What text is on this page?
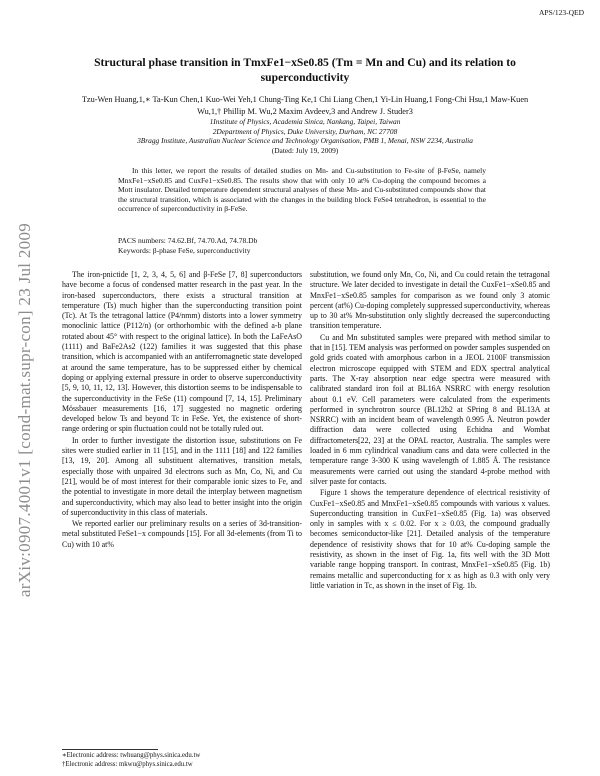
APS/123-QED
arXiv:0907.4001v1 [cond-mat.supr-con] 23 Jul 2009
Structural phase transition in TmxFe1−xSe0.85 (Tm = Mn and Cu) and its relation to superconductivity
Tzu-Wen Huang,1,∗ Ta-Kun Chen,1 Kuo-Wei Yeh,1 Chung-Ting Ke,1 Chi Liang Chen,1 Yi-Lin Huang,1 Fong-Chi Hsu,1 Maw-Kuen Wu,1,† Phillip M. Wu,2 Maxim Avdeev,3 and Andrew J. Studer3
1Institute of Physics, Academia Sinica, Nankang, Taipei, Taiwan
2Department of Physics, Duke University, Durham, NC 27708
3Bragg Institute, Australian Nuclear Science and Technology Organisation, PMB 1, Menai, NSW 2234, Australia
(Dated: July 19, 2009)

In this letter, we report the results of detailed studies on Mn- and Cu-substitution to Fe-site of β-FeSe, namely MnxFe1−xSe0.85 and CuxFe1−xSe0.85. The results show that with only 10 at% Cu-doping the compound becomes a Mott insulator. Detailed temperature dependent structural analyses of these Mn- and Cu-substituted compounds show that the structural transition, which is associated with the changes in the building block FeSe4 tetrahedron, is essential to the occurrence of superconductivity in β-FeSe.

PACS numbers: 74.62.Bf, 74.70.Ad, 74.78.Db
Keywords: β-phase FeSe, superconductivity

The iron-pnictide [1, 2, 3, 4, 5, 6] and β-FeSe [7, 8] superconductors have become a focus of condensed matter research in the past year. In the iron-based superconductors, there exists a structural transition at temperature (Ts) much higher than the superconducting transition point (Tc). At Ts the tetragonal lattice (P4/nmm) distorts into a lower symmetry monoclinic lattice (P112/n) (or orthorhombic with the defined a-b plane rotated about 45° with respect to the original lattice). In both the LaFeAsO (1111) and BaFe2As2 (122) families it was suggested that this phase transition, which is accompanied with an antiferromagnetic state developed at around the same temperature, has to be suppressed either by chemical doping or applying external pressure in order to observe superconductivity [5, 9, 10, 11, 12, 13]. However, this distortion seems to be indispensable to the superconductivity in the FeSe (11) compound [7, 14, 15]. Preliminary Mössbauer measurements [16, 17] suggested no magnetic ordering developed below Ts and beyond Tc in FeSe. Yet, the existence of short-range ordering or spin fluctuation could not be totally ruled out.

In order to further investigate the distortion issue, substitutions on Fe sites were studied earlier in 11 [15], and in the 1111 [18] and 122 families [13, 19, 20]. Among all substituent alternatives, transition metals, especially those with unpaired 3d electrons such as Mn, Co, Ni, and Cu [21], would be of most interest for their comparable ionic sizes to Fe, and the potential to investigate in more detail the interplay between magnetism and superconductivity, which may also lead to better insight into the origin of superconductivity in this class of materials.

We reported earlier our preliminary results on a series of 3d-transition-metal substituted FeSe1−x compounds [15]. For all 3d-elements (from Ti to Cu) with 10 at%

substitution, we found only Mn, Co, Ni, and Cu could retain the tetragonal structure. We later decided to investigate in detail the CuxFe1−xSe0.85 and MnxFe1−xSe0.85 samples for comparison as we found only 3 atomic percent (at%) Cu-doping completely suppressed superconductivity, whereas up to 30 at% Mn-substitution only slightly decreased the superconducting transition temperature.

Cu and Mn substituted samples were prepared with method similar to that in [15]. TEM analysis was performed on powder samples suspended on gold grids coated with amorphous carbon in a JEOL 2100F transmission electron microscope equipped with STEM and EDX spectral analytical parts. The X-ray absorption near edge spectra were measured with calibrated standard iron foil at BL16A NSRRC with energy resolution about 0.1 eV. Cell parameters were calculated from the experiments performed in synchrotron source (BL12b2 at SPring 8 and BL13A at NSRRC) with an incident beam of wavelength 0.995 Å. Neutron powder diffraction data were collected using Echidna and Wombat diffractometers[22, 23] at the OPAL reactor, Australia. The samples were loaded in 6 mm cylindrical vanadium cans and data were collected in the temperature range 3-300 K using wavelength of 1.885 Å. The resistance measurements were carried out using the standard 4-probe method with silver paste for contacts.

Figure 1 shows the temperature dependence of electrical resistivity of CuxFe1−xSe0.85 and MnxFe1−xSe0.85 compounds with various x values. Superconducting transition in CuxFe1−xSe0.85 (Fig. 1a) was observed only in samples with x ≤ 0.02. For x ≥ 0.03, the compound gradually becomes semiconductor-like [21]. Detailed analysis of the temperature dependence of resistivity shows that for 10 at% Cu-doping sample the resistivity, as shown in the inset of Fig. 1a, fits well with the 3D Mott variable range hopping transport. In contrast, MnxFe1−xSe0.85 (Fig. 1b) remains metallic and superconducting for x as high as 0.3 with only very little variation in Tc, as shown in the inset of Fig. 1b.

∗Electronic address: twhuang@phys.sinica.edu.tw
†Electronic address: mkwu@phys.sinica.edu.tw
